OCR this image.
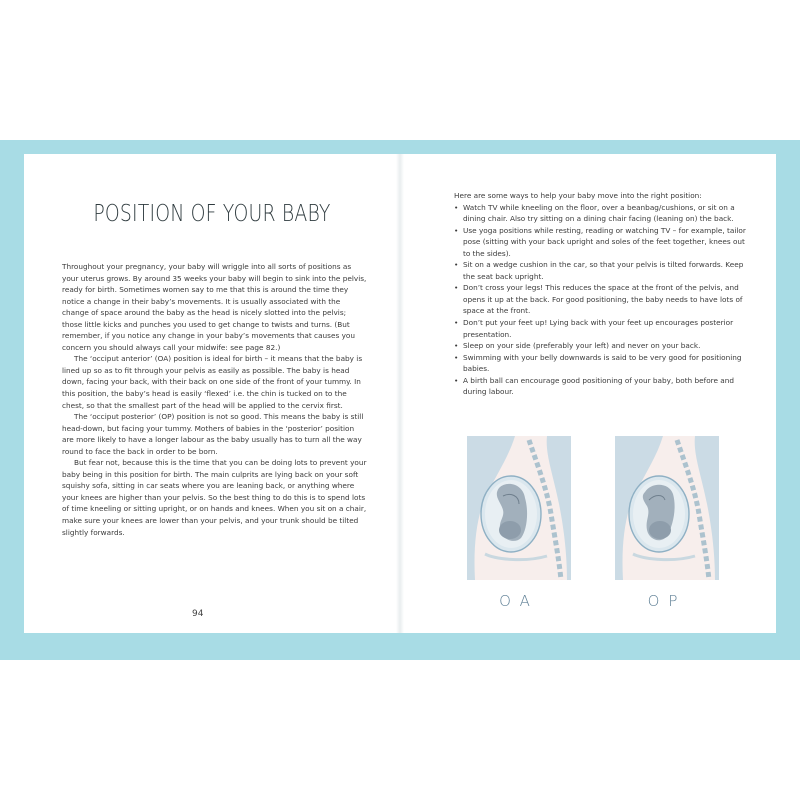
POSITION OF YOUR BABY

Throughout your pregnancy, your baby will wriggle into all sorts of positions as your uterus grows. By around 35 weeks your baby will begin to sink into the pelvis, ready for birth. Sometimes women say to me that this is around the time they notice a change in their baby’s movements. It is usually associated with the change of space around the baby as the head is nicely slotted into the pelvis; those little kicks and punches you used to get change to twists and turns. (But remember, if you notice any change in your baby’s movements that causes you concern you should always call your midwife: see page 82.)

The ‘occiput anterior’ (OA) position is ideal for birth – it means that the baby is lined up so as to fit through your pelvis as easily as possible. The baby is head down, facing your back, with their back on one side of the front of your tummy. In this position, the baby’s head is easily ‘flexed’ i.e. the chin is tucked on to the chest, so that the smallest part of the head will be applied to the cervix first.

The ‘occiput posterior’ (OP) position is not so good. This means the baby is still head-down, but facing your tummy. Mothers of babies in the ‘posterior’ position are more likely to have a longer labour as the baby usually has to turn all the way round to face the back in order to be born.

But fear not, because this is the time that you can be doing lots to prevent your baby being in this position for birth. The main culprits are lying back on your soft squishy sofa, sitting in car seats where you are leaning back, or anything where your knees are higher than your pelvis. So the best thing to do this is to spend lots of time kneeling or sitting upright, or on hands and knees. When you sit on a chair, make sure your knees are lower than your pelvis, and your trunk should be tilted slightly forwards.

94

Here are some ways to help your baby move into the right position:

• Watch TV while kneeling on the floor, over a beanbag/cushions, or sit on a dining chair. Also try sitting on a dining chair facing (leaning on) the back.
• Use yoga positions while resting, reading or watching TV – for example, tailor pose (sitting with your back upright and soles of the feet together, knees out to the sides).
• Sit on a wedge cushion in the car, so that your pelvis is tilted forwards. Keep the seat back upright.
• Don’t cross your legs! This reduces the space at the front of the pelvis, and opens it up at the back. For good positioning, the baby needs to have lots of space at the front.
• Don’t put your feet up! Lying back with your feet up encourages posterior presentation.
• Sleep on your side (preferably your left) and never on your back.
• Swimming with your belly downwards is said to be very good for positioning babies.
• A birth ball can encourage good positioning of your baby, both before and during labour.
OA	OP
